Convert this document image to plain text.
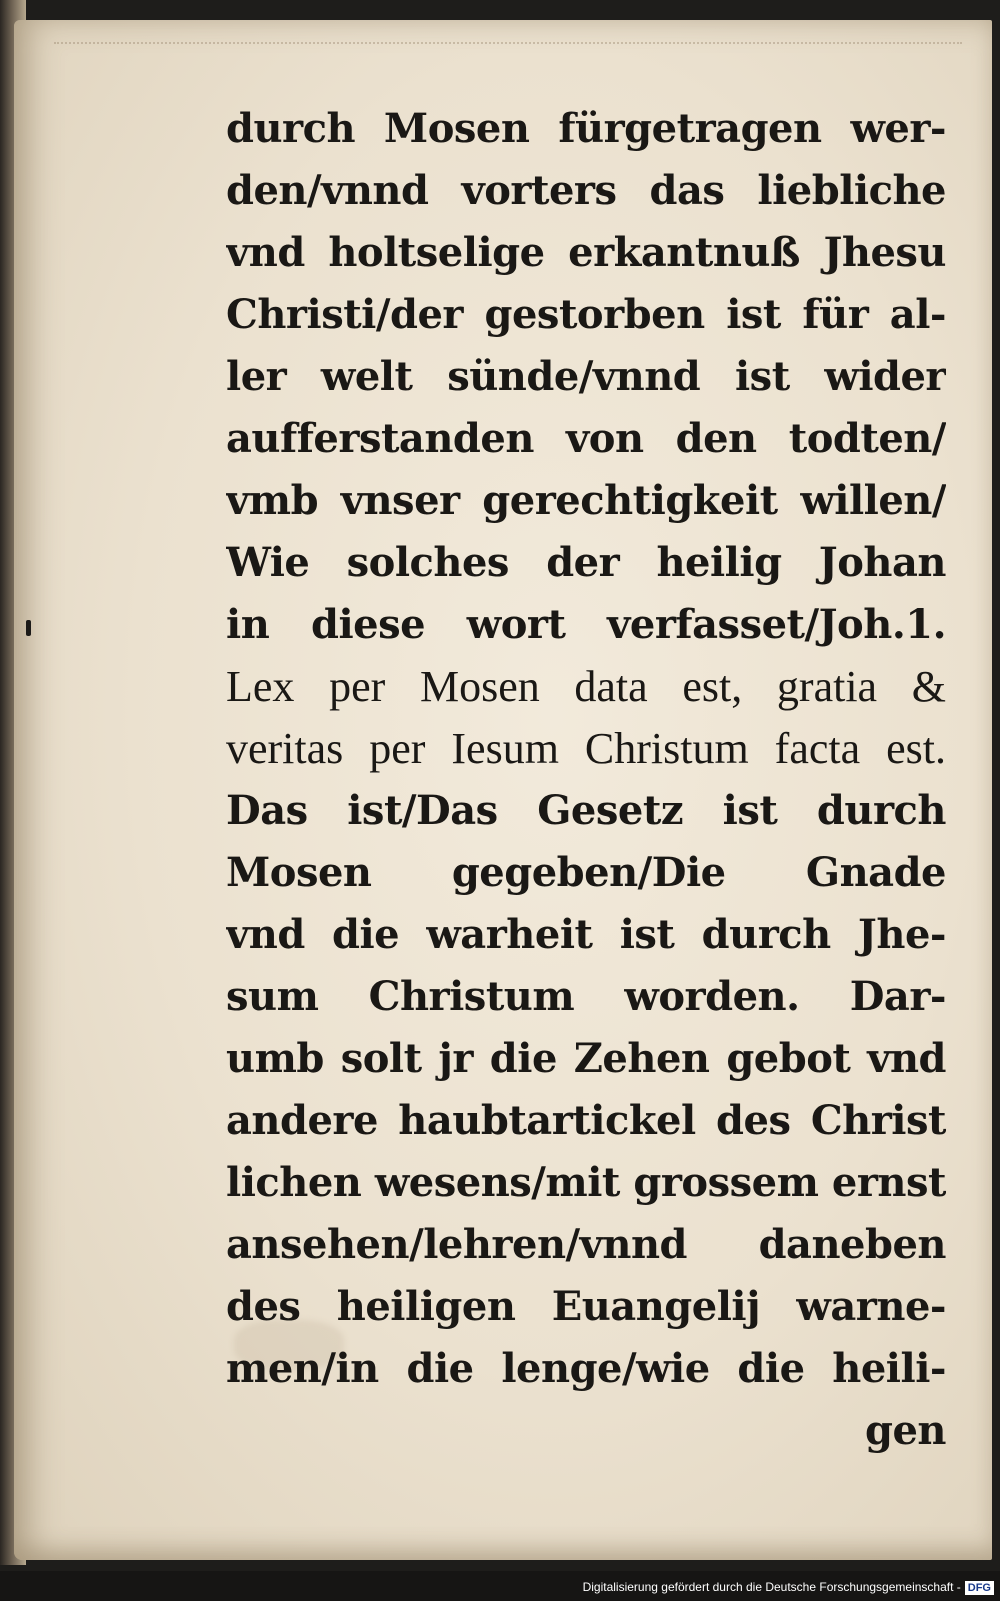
durch Mosen fürgetragen wer-
den/vnnd vorters das liebliche
vnd holtselige erkantnuß Jhesu
Christi/der gestorben ist für al-
ler welt sünde/vnnd ist wider
aufferstanden von den todten/
vmb vnser gerechtigkeit willen/
Wie solches der heilig Johan
in diese wort verfasset/Joh.1.
Lex per Mosen data est, gratia &
veritas per Iesum Christum facta est.
Das ist/Das Gesetz ist durch
Mosen gegeben/Die Gnade
vnd die warheit ist durch Jhe-
sum Christum worden. Dar-
umb solt jr die Zehen gebot vnd
andere haubtartickel des Christ
lichen wesens/mit grossem ernst
ansehen/lehren/vnnd daneben
des heiligen Euangelij warne-
men/in die lenge/wie die heili-
gen
Digitalisierung gefördert durch die Deutsche Forschungsgemeinschaft - DFG
